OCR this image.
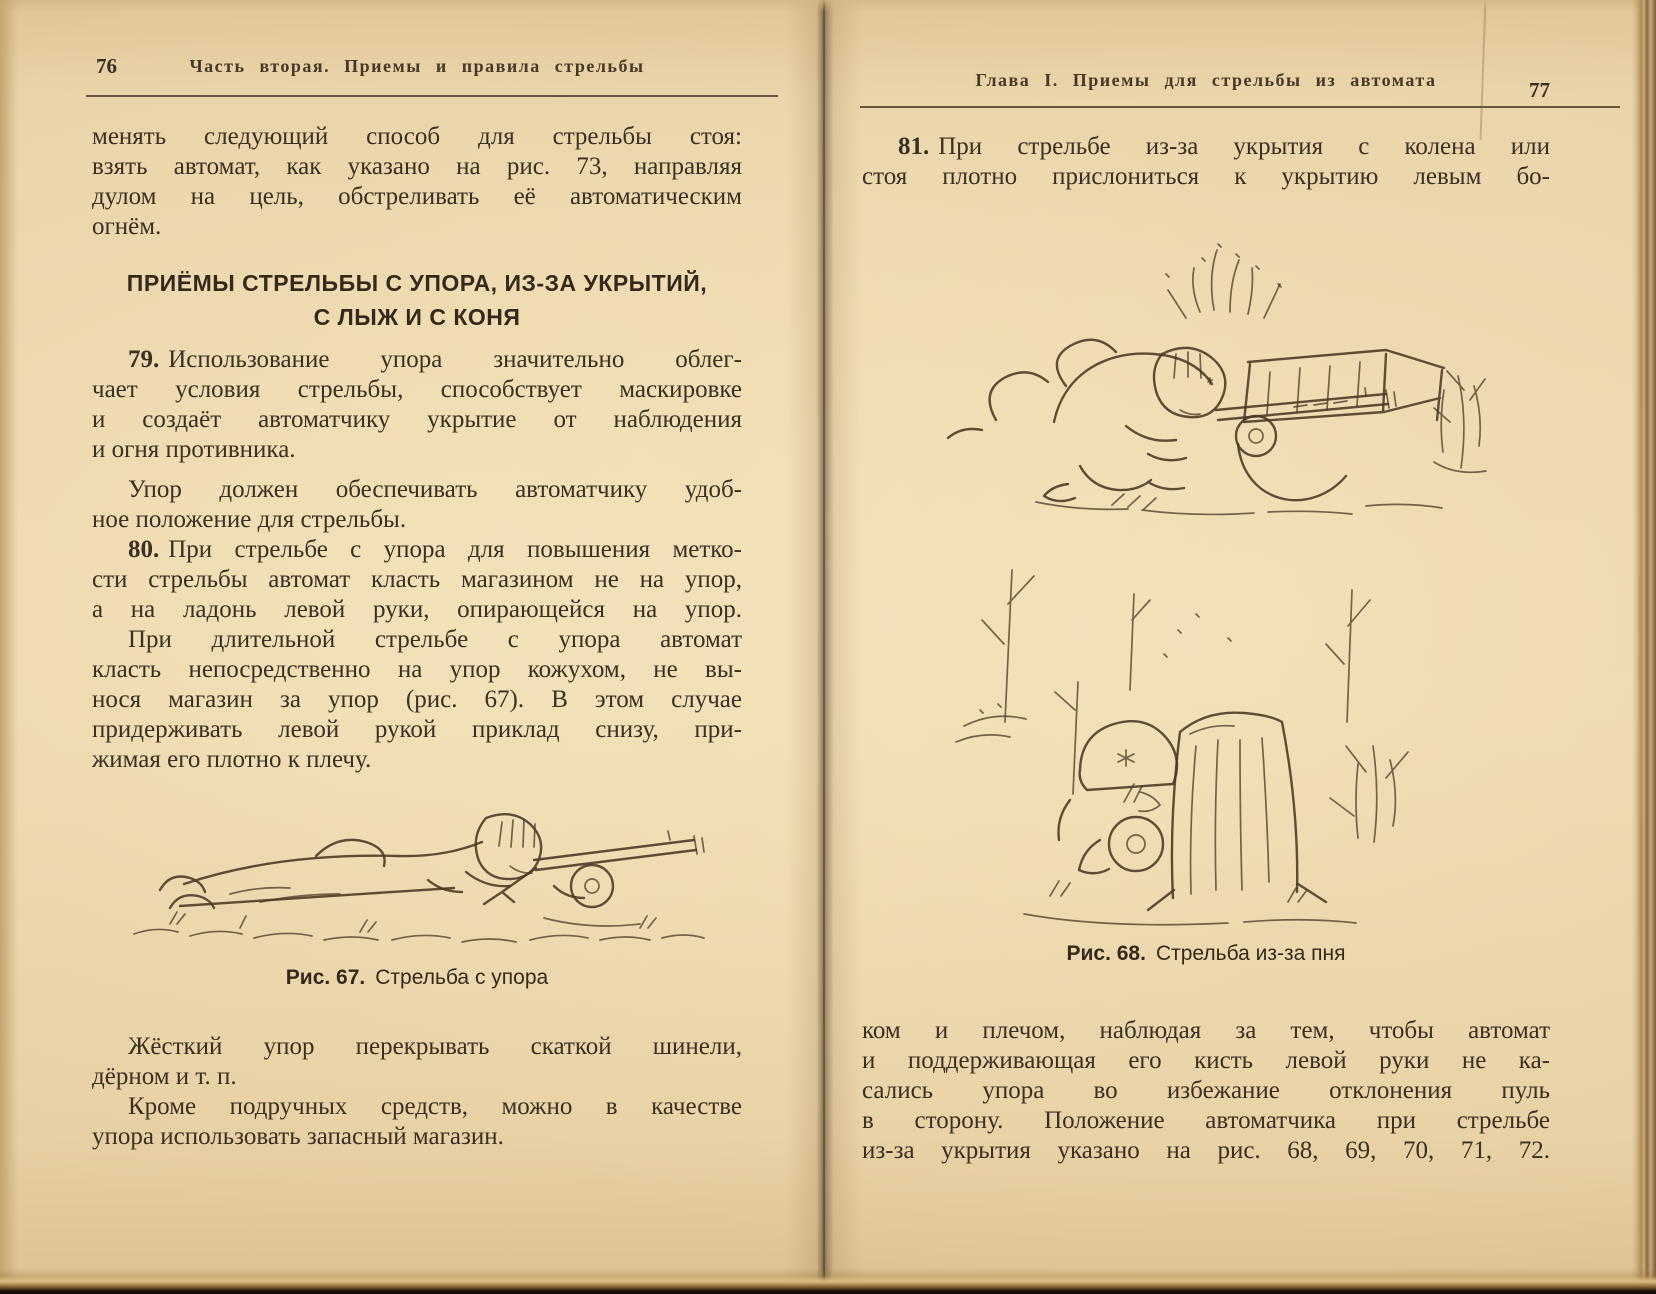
76	Часть вторая. Приемы и правила стрельбы
менять следующий способ для стрельбы стоя:
взять автомат, как указано на рис. 73, направляя
дулом на цель, обстреливать её автоматическим
огнём.
ПРИЁМЫ СТРЕЛЬБЫ С УПОРА, ИЗ-ЗА УКРЫТИЙ,
С ЛЫЖ И С КОНЯ
79. Использование упора значительно облег-
чает условия стрельбы, способствует маскировке
и создаёт автоматчику укрытие от наблюдения
и огня противника.
Упор должен обеспечивать автоматчику удоб-
ное положение для стрельбы.
80. При стрельбе с упора для повышения метко-
сти стрельбы автомат класть магазином не на упор,
а на ладонь левой руки, опирающейся на упор.
При длительной стрельбе с упора автомат
класть непосредственно на упор кожухом, не вы-
нося магазин за упор (рис. 67). В этом случае
придерживать левой рукой приклад снизу, при-
жимая его плотно к плечу.
Рис. 67. Стрельба с упора
Жёсткий упор перекрывать скаткой шинели,
дёрном и т. п.
Кроме подручных средств, можно в качестве
упора использовать запасный магазин.
Глава I. Приемы для стрельбы из автомата	77
81. При стрельбе из-за укрытия с колена или
стоя плотно прислониться к укрытию левым бо-
Рис. 68. Стрельба из-за пня
ком и плечом, наблюдая за тем, чтобы автомат
и поддерживающая его кисть левой руки не ка-
сались упора во избежание отклонения пуль
в сторону. Положение автоматчика при стрельбе
из-за укрытия указано на рис. 68, 69, 70, 71, 72.
